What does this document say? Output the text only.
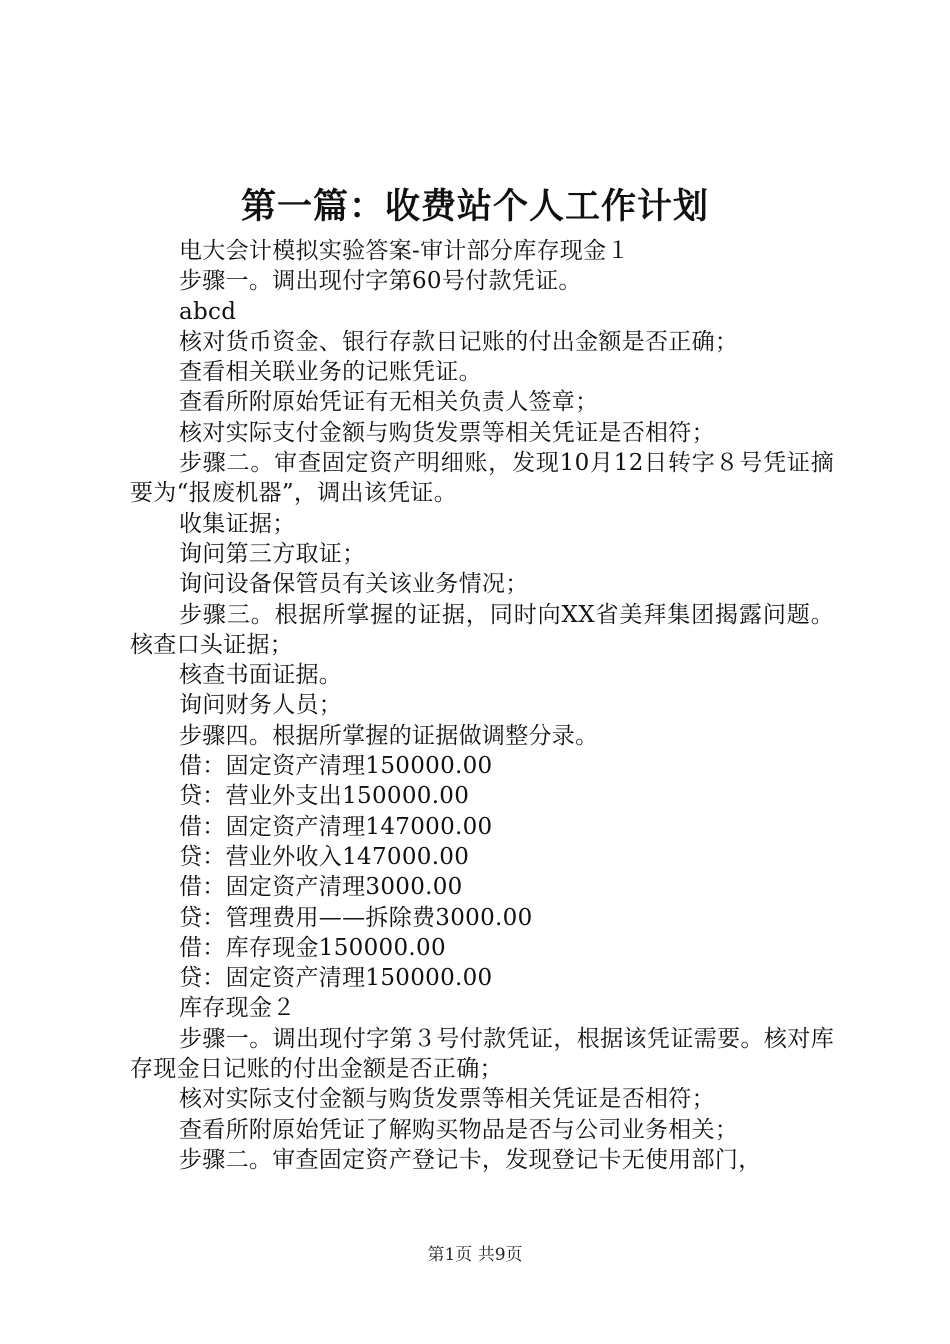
第一篇：收费站个人工作计划

电大会计模拟实验答案-审计部分库存现金１

步骤一。调出现付字第60号付款凭证。

abcd

核对货币资金、银行存款日记账的付出金额是否正确；

查看相关联业务的记账凭证。

查看所附原始凭证有无相关负责人签章；

核对实际支付金额与购货发票等相关凭证是否相符；

步骤二。审查固定资产明细账，发现10月12日转字８号凭证摘要为“报废机器”，调出该凭证。

收集证据；

询问第三方取证；

询问设备保管员有关该业务情况；

步骤三。根据所掌握的证据，同时向XX省美拜集团揭露问题。核查口头证据；

核查书面证据。

询问财务人员；

步骤四。根据所掌握的证据做调整分录。

借：固定资产清理150000.00

贷：营业外支出150000.00

借：固定资产清理147000.00

贷：营业外收入147000.00

借：固定资产清理3000.00

贷：管理费用——拆除费3000.00

借：库存现金150000.00

贷：固定资产清理150000.00

库存现金２

步骤一。调出现付字第３号付款凭证，根据该凭证需要。核对库存现金日记账的付出金额是否正确；

核对实际支付金额与购货发票等相关凭证是否相符；

查看所附原始凭证了解购买物品是否与公司业务相关；

步骤二。审查固定资产登记卡，发现登记卡无使用部门，

第1页 共9页
